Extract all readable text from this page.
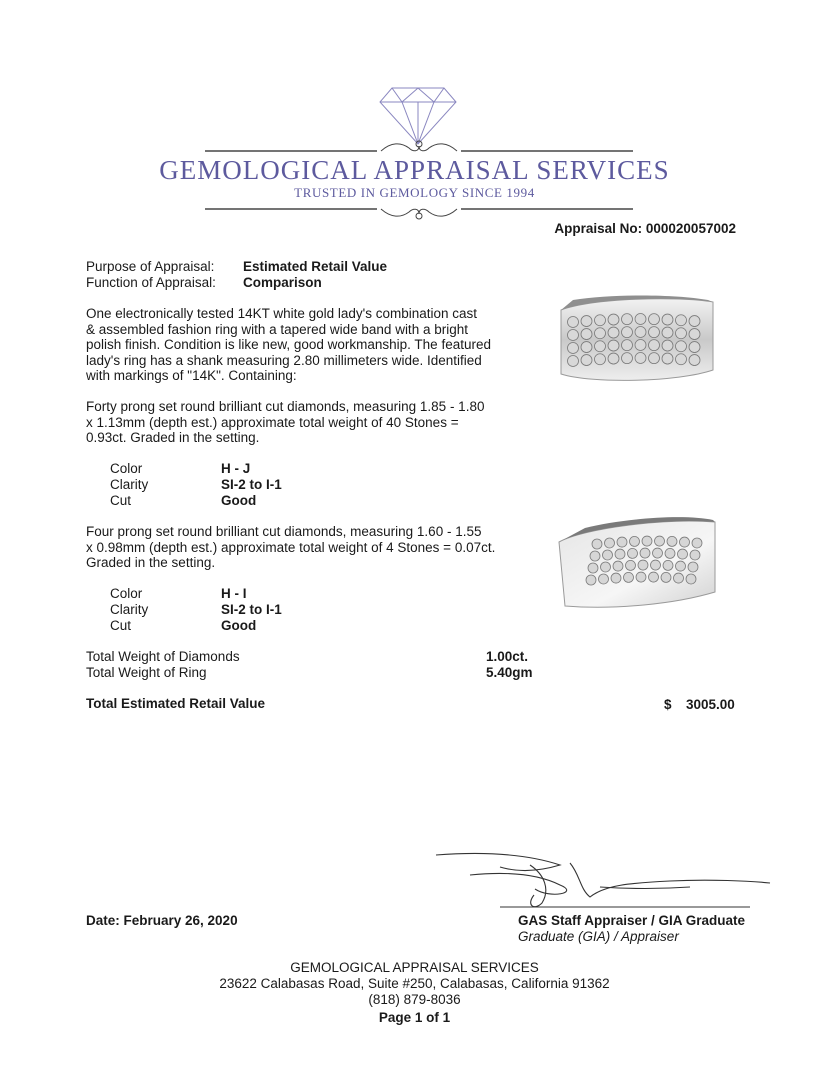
GEMOLOGICAL APPRAISAL SERVICES
TRUSTED IN GEMOLOGY SINCE 1994
Appraisal No: 000020057002
Purpose of Appraisal: Estimated Retail Value
Function of Appraisal: Comparison
One electronically tested 14KT white gold lady's combination cast
& assembled fashion ring with a tapered wide band with a bright
polish finish. Condition is like new, good workmanship. The featured
lady's ring has a shank measuring 2.80 millimeters wide. Identified
with markings of "14K". Containing:
Forty prong set round brilliant cut diamonds, measuring 1.85 - 1.80
x 1.13mm (depth est.) approximate total weight of 40 Stones =
0.93ct. Graded in the setting.
Color	H - J
Clarity	SI-2 to I-1
Cut	Good
Four prong set round brilliant cut diamonds, measuring 1.60 - 1.55
x 0.98mm (depth est.) approximate total weight of 4 Stones = 0.07ct.
Graded in the setting.
Color	H - I
Clarity	SI-2 to I-1
Cut	Good
Total Weight of Diamonds	1.00ct.
Total Weight of Ring	5.40gm
Total Estimated Retail Value	$ 3005.00
Date: February 26, 2020	GAS Staff Appraiser / GIA Graduate
Graduate (GIA) / Appraiser
GEMOLOGICAL APPRAISAL SERVICES
23622 Calabasas Road, Suite #250, Calabasas, California 91362
(818) 879-8036
Page 1 of 1
